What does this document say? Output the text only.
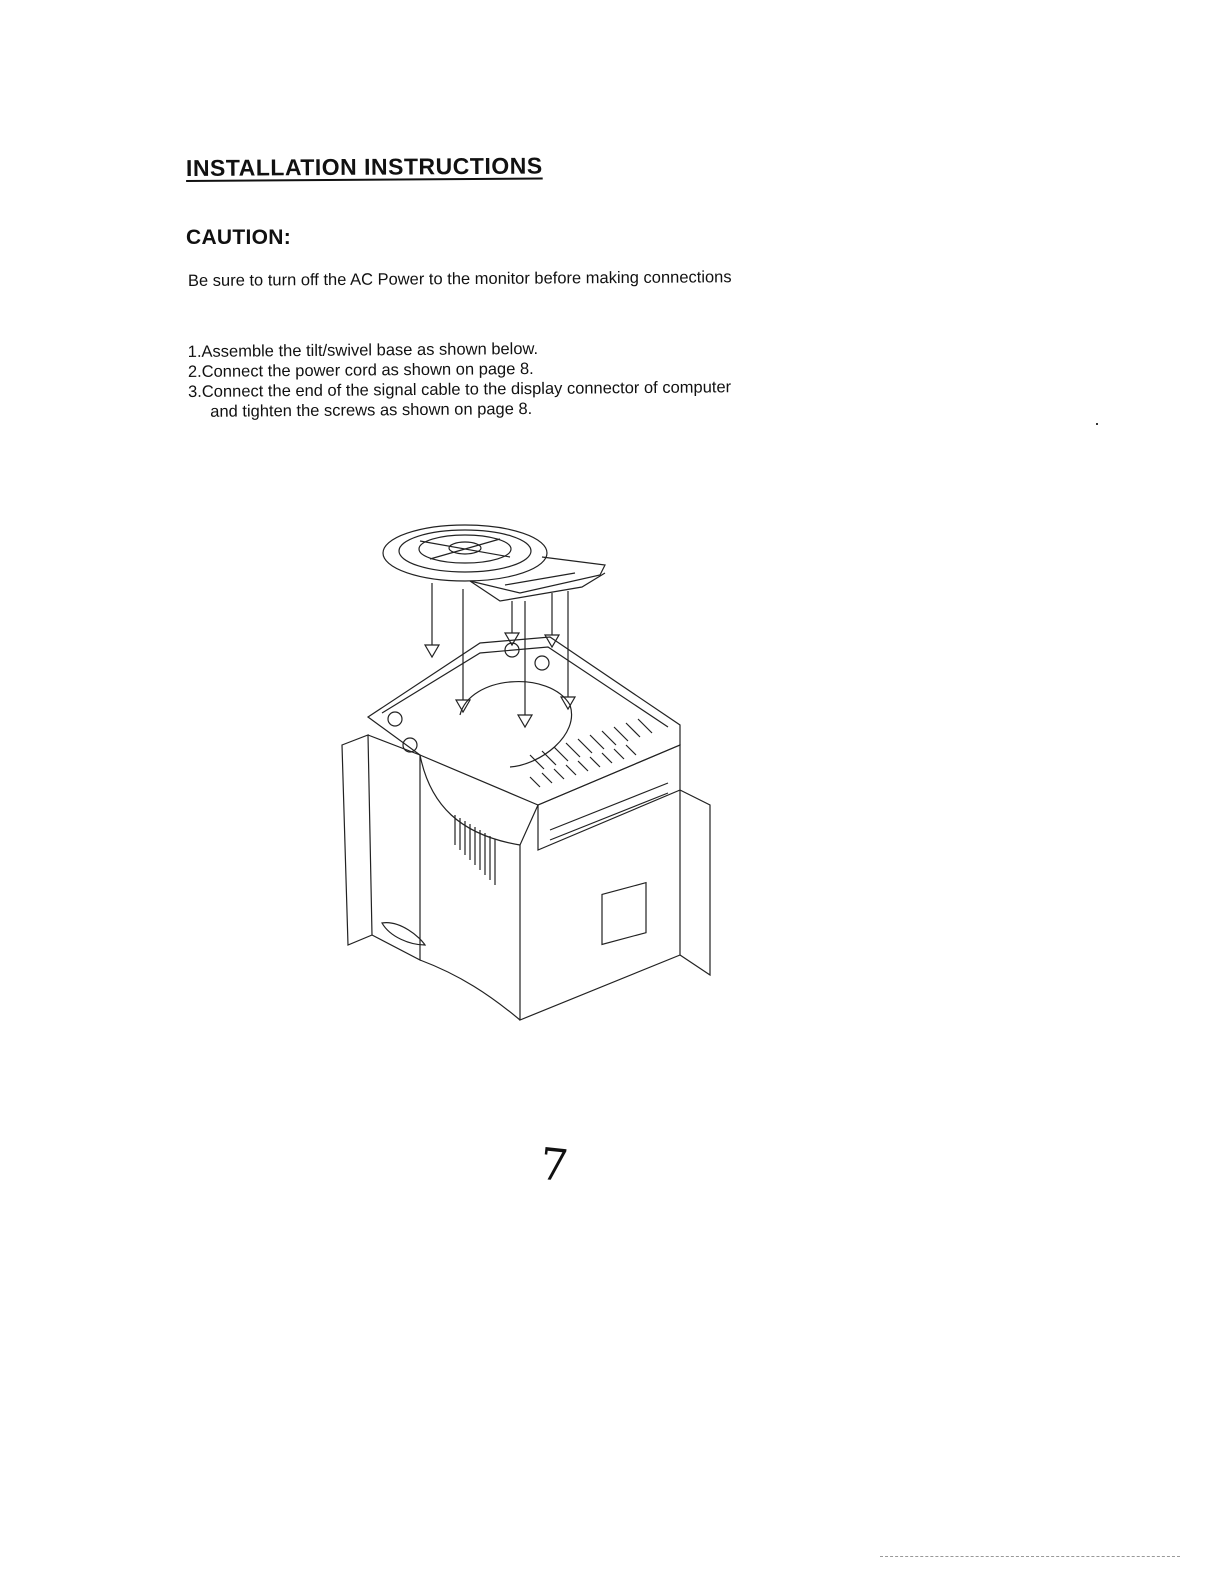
INSTALLATION INSTRUCTIONS
CAUTION:
Be sure to turn off the AC Power to the monitor before making connections
1.Assemble the tilt/swivel base as shown below.
2.Connect the power cord as shown on page 8.
3.Connect the end of the signal cable to the display connector of computer
and tighten the screws as shown on page 8.
7
